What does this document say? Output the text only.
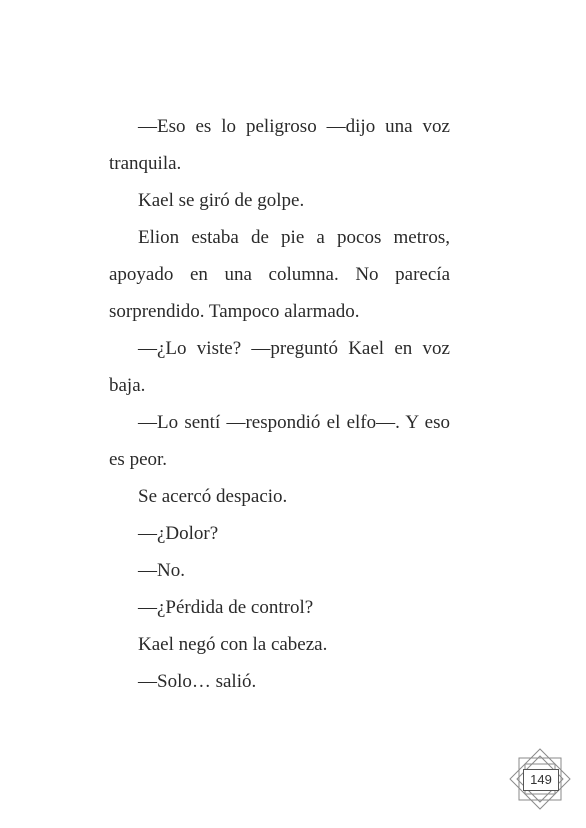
—Eso es lo peligroso —dijo una voz tranquila.

Kael se giró de golpe.

Elion estaba de pie a pocos metros, apoyado en una columna. No parecía sorprendido. Tampoco alarmado.

—¿Lo viste? —preguntó Kael en voz baja.

—Lo sentí —respondió el elfo—. Y eso es peor.

Se acercó despacio.

—¿Dolor?

—No.

—¿Pérdida de control?

Kael negó con la cabeza.

—Solo… salió.

149
